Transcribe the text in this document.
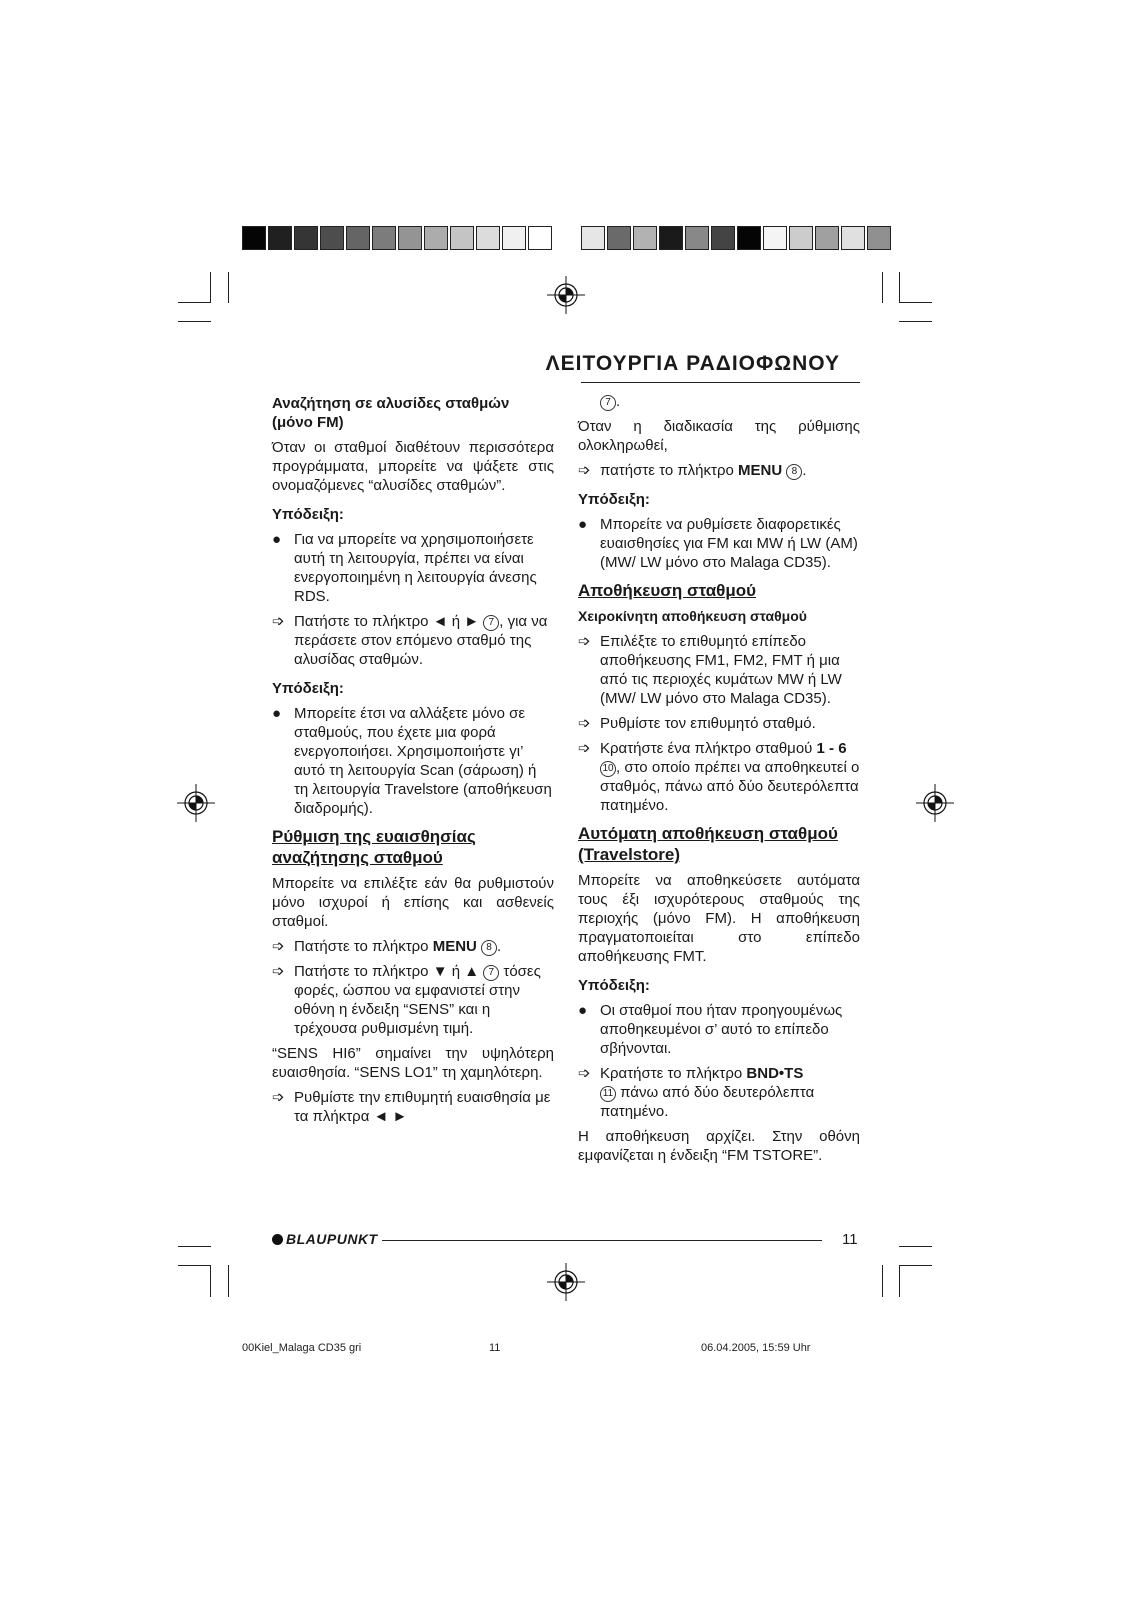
ΛΕΙΤΟΥΡΓΙΑ ΡΑΔΙΟΦΩΝΟΥ
Αναζήτηση σε αλυσίδες σταθμών (μόνο FM)

Όταν οι σταθμοί διαθέτουν περισσότερα προγράμματα, μπορείτε να ψάξετε στις ονομαζόμενες “αλυσίδες σταθμών”.

Υπόδειξη:
● Για να μπορείτε να χρησιμοποιήσετε αυτή τη λειτουργία, πρέπει να είναι ενεργοποιημένη η λειτουργία άνεσης RDS.
➩ Πατήστε το πλήκτρο ◄ ή ► 7 , για να περάσετε στον επόμενο σταθμό της αλυσίδας σταθμών.
Υπόδειξη:
● Μπορείτε έτσι να αλλάξετε μόνο σε σταθμούς, που έχετε μια φορά ενεργοποιήσει. Χρησιμοποιήστε γι’ αυτό τη λειτουργία Scan (σάρωση) ή τη λειτουργία Travelstore (αποθήκευση διαδρομής).
Ρύθμιση της ευαισθησίας αναζήτησης σταθμού

Μπορείτε να επιλέξτε εάν θα ρυθμιστούν μόνο ισχυροί ή επίσης και ασθενείς σταθμοί.

➩ Πατήστε το πλήκτρο MENU 8 .
➩ Πατήστε το πλήκτρο ▼ ή ▲ 7 τόσες φορές, ώσπου να εμφανιστεί στην οθόνη η ένδειξη “SENS” και η τρέχουσα ρυθμισμένη τιμή.

“SENS HI6” σημαίνει την υψηλότερη ευαισθησία. “SENS LO1” τη χαμηλότερη.

➩ Ρυθμίστε την επιθυμητή ευαισθησία με τα πλήκτρα ◄ ►
7 .

Όταν η διαδικασία της ρύθμισης ολοκληρωθεί,

➩ πατήστε το πλήκτρο MENU 8 .
Υπόδειξη:
● Μπορείτε να ρυθμίσετε διαφορετικές ευαισθησίες για FM και MW ή LW (AM) (MW/ LW μόνο στο Malaga CD35).
Αποθήκευση σταθμού
Χειροκίνητη αποθήκευση σταθμού
➩ Επιλέξτε το επιθυμητό επίπεδο αποθήκευσης FM1, FM2, FMT ή μια από τις περιοχές κυμάτων MW ή LW (MW/ LW μόνο στο Malaga CD35).
➩ Ρυθμίστε τον επιθυμητό σταθμό.
➩ Κρατήστε ένα πλήκτρο σταθμού 1 - 6 10 , στο οποίο πρέπει να αποθηκευτεί ο σταθμός, πάνω από δύο δευτερόλεπτα πατημένο.
Αυτόματη αποθήκευση σταθμού (Travelstore)

Μπορείτε να αποθηκεύσετε αυτόματα τους έξι ισχυρότερους σταθμούς της περιοχής (μόνο FM). Η αποθήκευση πραγματοποιείται στο επίπεδο αποθήκευσης FMT.

Υπόδειξη:
● Οι σταθμοί που ήταν προηγουμένως αποθηκευμένοι σ’ αυτό το επίπεδο σβήνονται.
➩ Κρατήστε το πλήκτρο BND•TS
11 πάνω από δύο δευτερόλεπτα πατημένο.

Η αποθήκευση αρχίζει. Στην οθόνη εμφανίζεται η ένδειξη “FM TSTORE”.

BLAUPUNKT	11
00Kiel_Malaga CD35 gri	11	06.04.2005, 15:59 Uhr
